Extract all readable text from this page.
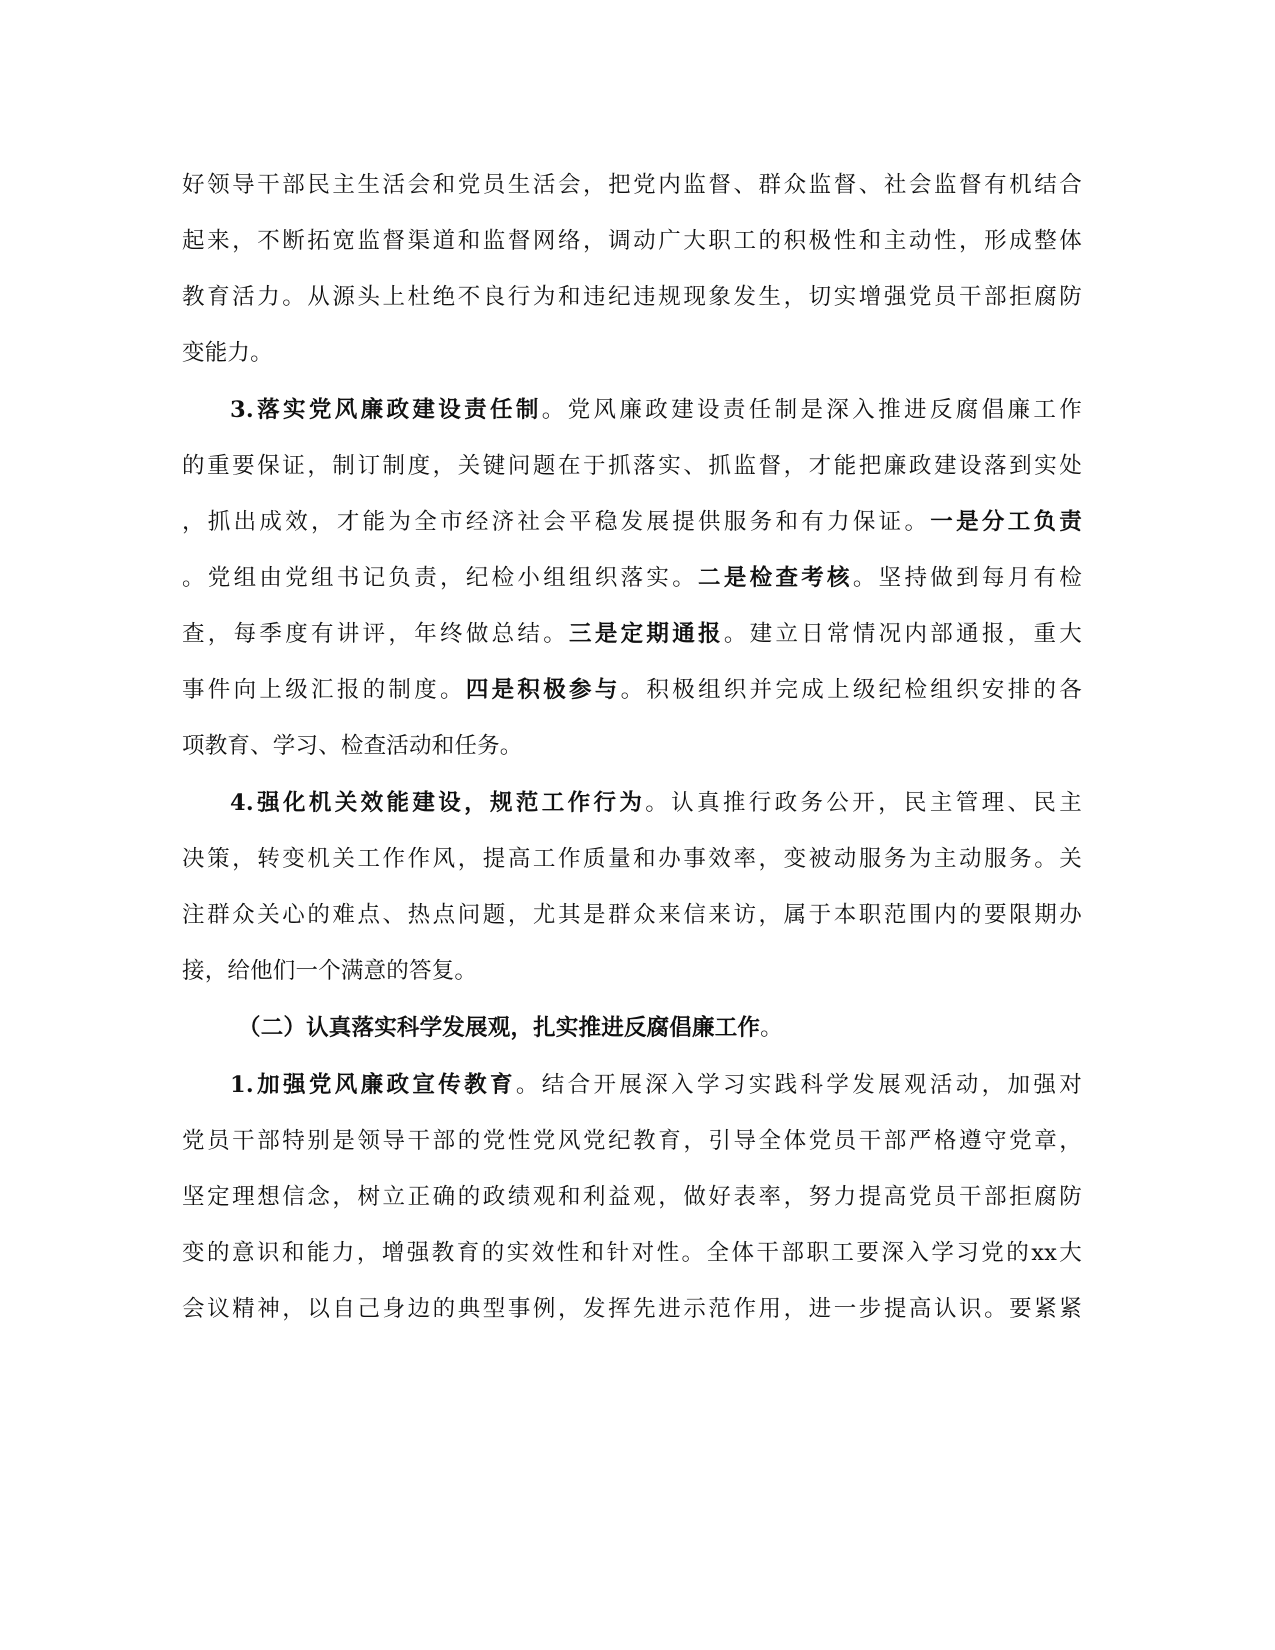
好领导干部民主生活会和党员生活会，把党内监督、群众监督、社会监督有机结合
起来，不断拓宽监督渠道和监督网络，调动广大职工的积极性和主动性，形成整体
教育活力。从源头上杜绝不良行为和违纪违规现象发生，切实增强党员干部拒腐防
变能力。
3.落实党风廉政建设责任制。党风廉政建设责任制是深入推进反腐倡廉工作
的重要保证，制订制度，关键问题在于抓落实、抓监督，才能把廉政建设落到实处
，抓出成效，才能为全市经济社会平稳发展提供服务和有力保证。一是分工负责
。党组由党组书记负责，纪检小组组织落实。二是检查考核。坚持做到每月有检
查，每季度有讲评，年终做总结。三是定期通报。建立日常情况内部通报，重大
事件向上级汇报的制度。四是积极参与。积极组织并完成上级纪检组织安排的各
项教育、学习、检查活动和任务。
4.强化机关效能建设，规范工作行为。认真推行政务公开，民主管理、民主
决策，转变机关工作作风，提高工作质量和办事效率，变被动服务为主动服务。关
注群众关心的难点、热点问题，尤其是群众来信来访，属于本职范围内的要限期办
接，给他们一个满意的答复。
（二）认真落实科学发展观，扎实推进反腐倡廉工作。
1.加强党风廉政宣传教育。结合开展深入学习实践科学发展观活动，加强对
党员干部特别是领导干部的党性党风党纪教育，引导全体党员干部严格遵守党章，
坚定理想信念，树立正确的政绩观和利益观，做好表率，努力提高党员干部拒腐防
变的意识和能力，增强教育的实效性和针对性。全体干部职工要深入学习党的xx大
会议精神，以自己身边的典型事例，发挥先进示范作用，进一步提高认识。要紧紧
